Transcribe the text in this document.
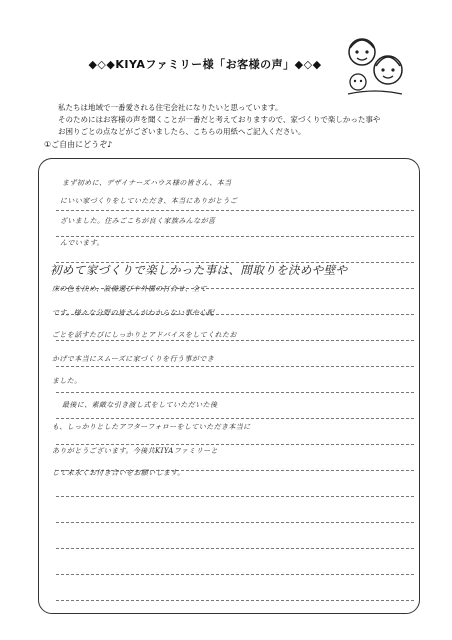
◆◇◆KIYAファミリー様「お客様の声」◆◇◆
私たちは地域で一番愛される住宅会社になりたいと思っています。
そのためにはお客様の声を聞くことが一番だと考えておりますので、家づくりで楽しかった事や
お困りごとの点などがございましたら、こちらの用紙へご記入ください。
①ご自由にどうぞ♪
まず初めに、デザイナーズハウス様の皆さん、本当
にいい家づくりをしていただき、本当にありがとうご
ざいました。住みごこちが良く家族みんなが喜
んでいます。
初めて家づくりで楽しかった事は、間取りを決めや壁や
床の色を決め、設備選びや外構の打合せ、全て
です。様々な分野の皆さんがわからない事や心配
ごとを話すたびにしっかりとアドバイスをしてくれたお
かげで本当にスムーズに家づくりを行う事ができ
ました。
最後に、素敵な引き渡し式をしていただいた後
も、しっかりとしたアフターフォローをしていただき本当に
ありがとうございます。今後共KIYAファミリーと
して末永くお付き合いをお願いします。
